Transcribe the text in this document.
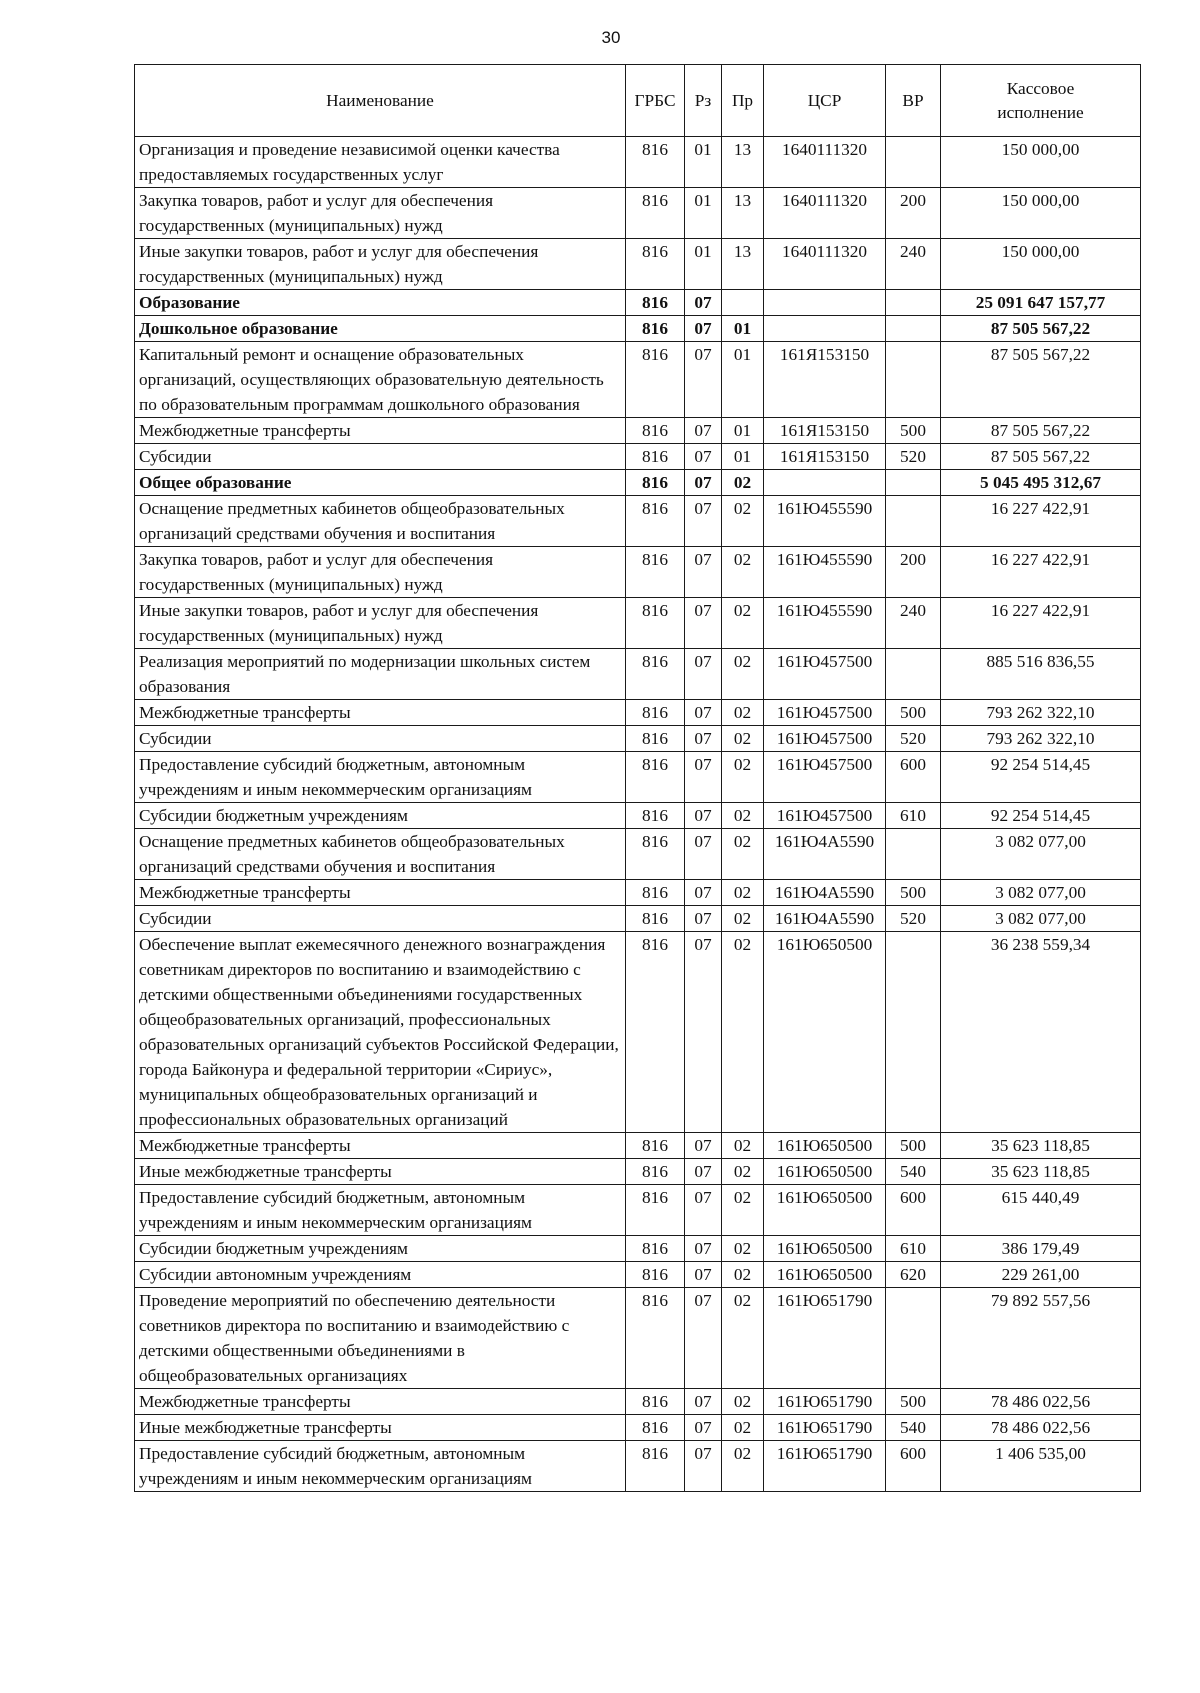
30
Наименование	ГРБС	Рз	Пр	ЦСР	ВР	Кассовое исполнение
Организация и проведение независимой оценки качества предоставляемых государственных услуг	816	01	13	1640111320		150 000,00
Закупка товаров, работ и услуг для обеспечения государственных (муниципальных) нужд	816	01	13	1640111320	200	150 000,00
Иные закупки товаров, работ и услуг для обеспечения государственных (муниципальных) нужд	816	01	13	1640111320	240	150 000,00
Образование	816	07				25 091 647 157,77
Дошкольное образование	816	07	01			87 505 567,22
Капитальный ремонт и оснащение образовательных организаций, осуществляющих образовательную деятельность по образовательным программам дошкольного образования	816	07	01	161Я153150		87 505 567,22
Межбюджетные трансферты	816	07	01	161Я153150	500	87 505 567,22
Субсидии	816	07	01	161Я153150	520	87 505 567,22
Общее образование	816	07	02			5 045 495 312,67
Оснащение предметных кабинетов общеобразовательных организаций средствами обучения и воспитания	816	07	02	161Ю455590		16 227 422,91
Закупка товаров, работ и услуг для обеспечения государственных (муниципальных) нужд	816	07	02	161Ю455590	200	16 227 422,91
Иные закупки товаров, работ и услуг для обеспечения государственных (муниципальных) нужд	816	07	02	161Ю455590	240	16 227 422,91
Реализация мероприятий по модернизации школьных систем образования	816	07	02	161Ю457500		885 516 836,55
Межбюджетные трансферты	816	07	02	161Ю457500	500	793 262 322,10
Субсидии	816	07	02	161Ю457500	520	793 262 322,10
Предоставление субсидий бюджетным, автономным учреждениям и иным некоммерческим организациям	816	07	02	161Ю457500	600	92 254 514,45
Субсидии бюджетным учреждениям	816	07	02	161Ю457500	610	92 254 514,45
Оснащение предметных кабинетов общеобразовательных организаций средствами обучения и воспитания	816	07	02	161Ю4А5590		3 082 077,00
Межбюджетные трансферты	816	07	02	161Ю4А5590	500	3 082 077,00
Субсидии	816	07	02	161Ю4А5590	520	3 082 077,00
Обеспечение выплат ежемесячного денежного вознаграждения советникам директоров по воспитанию и взаимодействию с детскими общественными объединениями государственных общеобразовательных организаций, профессиональных образовательных организаций субъектов Российской Федерации, города Байконура и федеральной территории «Сириус», муниципальных общеобразовательных организаций и профессиональных образовательных организаций	816	07	02	161Ю650500		36 238 559,34
Межбюджетные трансферты	816	07	02	161Ю650500	500	35 623 118,85
Иные межбюджетные трансферты	816	07	02	161Ю650500	540	35 623 118,85
Предоставление субсидий бюджетным, автономным учреждениям и иным некоммерческим организациям	816	07	02	161Ю650500	600	615 440,49
Субсидии бюджетным учреждениям	816	07	02	161Ю650500	610	386 179,49
Субсидии автономным учреждениям	816	07	02	161Ю650500	620	229 261,00
Проведение мероприятий по обеспечению деятельности советников директора по воспитанию и взаимодействию с детскими общественными объединениями в общеобразовательных организациях	816	07	02	161Ю651790		79 892 557,56
Межбюджетные трансферты	816	07	02	161Ю651790	500	78 486 022,56
Иные межбюджетные трансферты	816	07	02	161Ю651790	540	78 486 022,56
Предоставление субсидий бюджетным, автономным учреждениям и иным некоммерческим организациям	816	07	02	161Ю651790	600	1 406 535,00
